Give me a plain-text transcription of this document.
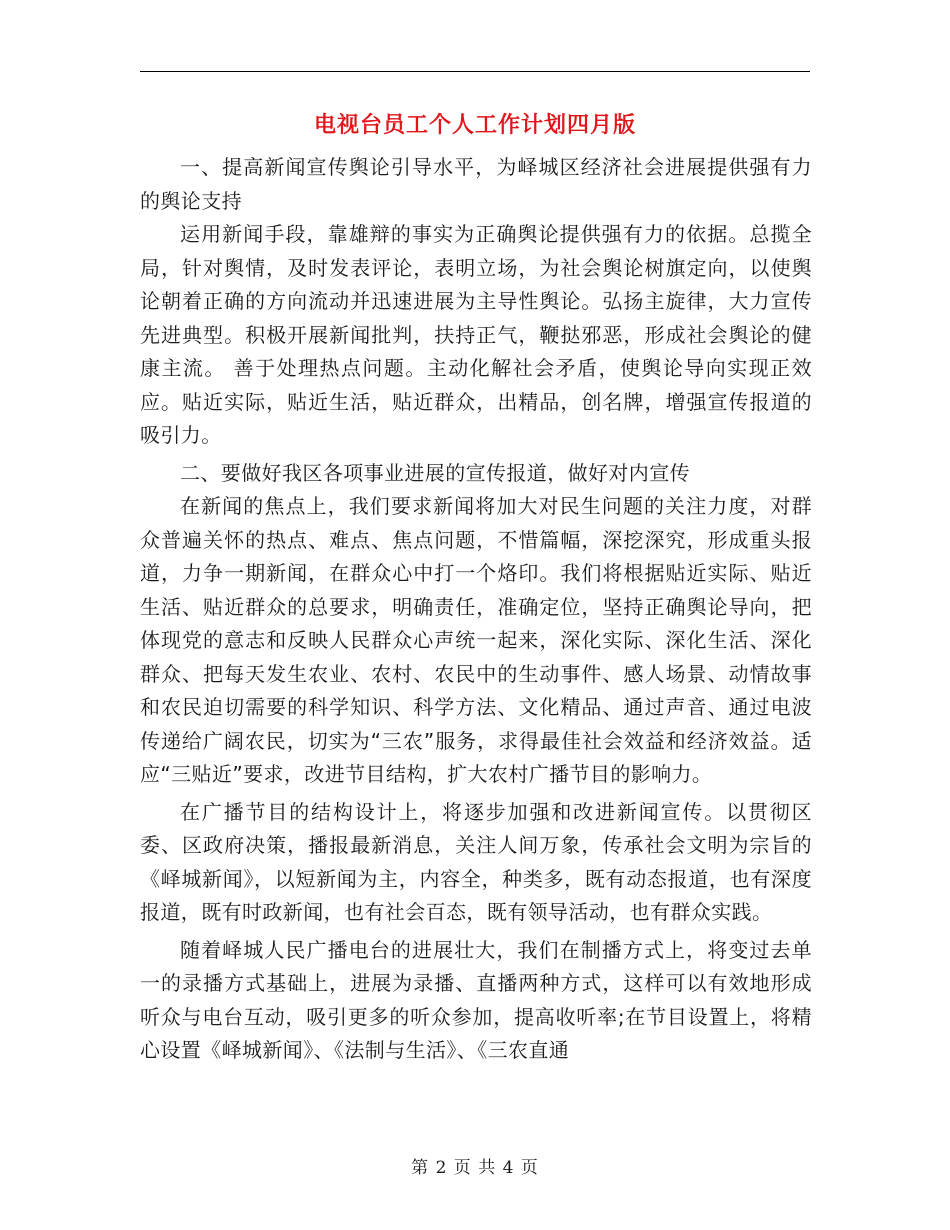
电视台员工个人工作计划四月版

一、提高新闻宣传舆论引导水平，为峄城区经济社会进展提供强有力的舆论支持

运用新闻手段，靠雄辩的事实为正确舆论提供强有力的依据。总揽全局，针对舆情，及时发表评论，表明立场，为社会舆论树旗定向，以使舆论朝着正确的方向流动并迅速进展为主导性舆论。弘扬主旋律，大力宣传先进典型。积极开展新闻批判，扶持正气，鞭挞邪恶，形成社会舆论的健康主流。 善于处理热点问题。主动化解社会矛盾，使舆论导向实现正效应。贴近实际，贴近生活，贴近群众，出精品，创名牌，增强宣传报道的吸引力。

二、要做好我区各项事业进展的宣传报道，做好对内宣传

在新闻的焦点上，我们要求新闻将加大对民生问题的关注力度，对群众普遍关怀的热点、难点、焦点问题，不惜篇幅，深挖深究，形成重头报道，力争一期新闻，在群众心中打一个烙印。我们将根据贴近实际、贴近生活、贴近群众的总要求，明确责任，准确定位，坚持正确舆论导向，把体现党的意志和反映人民群众心声统一起来，深化实际、深化生活、深化群众、把每天发生农业、农村、农民中的生动事件、感人场景、动情故事和农民迫切需要的科学知识、科学方法、文化精品、通过声音、通过电波传递给广阔农民，切实为“三农”服务，求得最佳社会效益和经济效益。适应“三贴近”要求，改进节目结构，扩大农村广播节目的影响力。

在广播节目的结构设计上，将逐步加强和改进新闻宣传。以贯彻区委、区政府决策，播报最新消息，关注人间万象，传承社会文明为宗旨的《峄城新闻》，以短新闻为主，内容全，种类多，既有动态报道，也有深度报道，既有时政新闻，也有社会百态，既有领导活动，也有群众实践。

随着峄城人民广播电台的进展壮大，我们在制播方式上，将变过去单一的录播方式基础上，进展为录播、直播两种方式，这样可以有效地形成听众与电台互动，吸引更多的听众参加，提高收听率;在节目设置上，将精心设置《峄城新闻》、《法制与生活》、《三农直通

第 2 页 共 4 页
